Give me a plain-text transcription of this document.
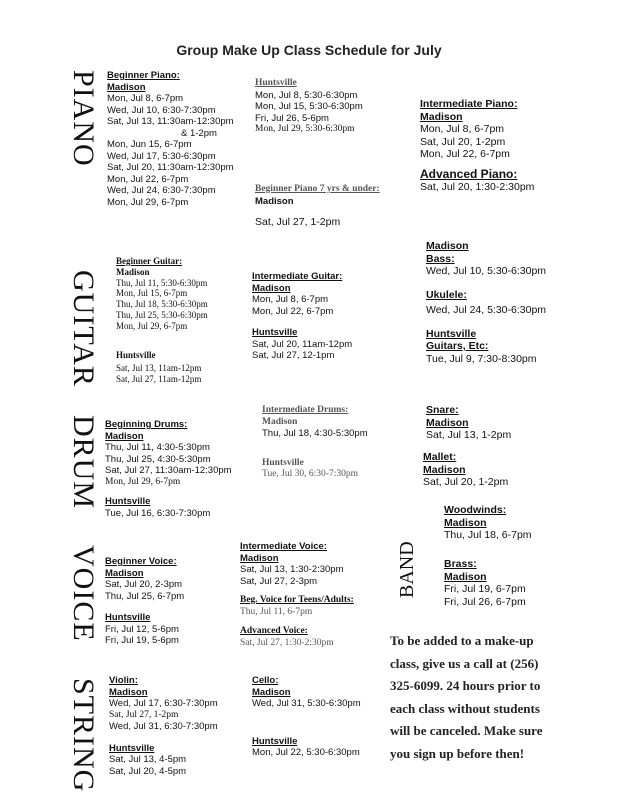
Group Make Up Class Schedule for July
PIANO
GUITAR
DRUM
VOICE
STRING
BAND
Beginner Piano:
Madison
Mon, Jul 8, 6-7pm
Wed, Jul 10, 6:30-7:30pm
Sat, Jul 13, 11:30am-12:30pm
& 1-2pm
Mon, Jun 15, 6-7pm
Wed, Jul 17, 5:30-6:30pm
Sat, Jul 20, 11:30am-12:30pm
Mon, Jul 22, 6-7pm
Wed, Jul 24, 6:30-7:30pm
Mon, Jul 29, 6-7pm
Huntsville
Mon, Jul 8, 5:30-6:30pm
Mon, Jul 15, 5:30-6:30pm
Fri, Jul 26, 5-6pm
Mon, Jul 29, 5:30-6:30pm
Beginner Piano 7 yrs & under:
Madison
Sat, Jul 27, 1-2pm
Intermediate Piano:
Madison
Mon, Jul 8, 6-7pm
Sat, Jul 20, 1-2pm
Mon, Jul 22, 6-7pm
Advanced Piano:
Sat, Jul 20, 1:30-2:30pm
Beginner Guitar:
Madison
Thu, Jul 11, 5:30-6:30pm
Mon, Jul 15, 6-7pm
Thu, Jul 18, 5:30-6:30pm
Thu, Jul 25, 5:30-6:30pm
Mon, Jul 29, 6-7pm
Huntsville
Sat, Jul 13, 11am-12pm
Sat, Jul 27, 11am-12pm
Intermediate Guitar:
Madison
Mon, Jul 8, 6-7pm
Mon, Jul 22, 6-7pm
Huntsville
Sat, Jul 20, 11am-12pm
Sat, Jul 27, 12-1pm
Madison
Bass:
Wed, Jul 10, 5:30-6:30pm
Ukulele:
Wed, Jul 24, 5:30-6:30pm
Huntsville
Guitars, Etc:
Tue, Jul 9, 7:30-8:30pm
Beginning Drums:
Madison
Thu, Jul 11, 4:30-5:30pm
Thu, Jul 25, 4:30-5:30pm
Sat, Jul 27, 11:30am-12:30pm
Mon, Jul 29, 6-7pm
Huntsville
Tue, Jul 16, 6:30-7:30pm
Intermediate Drums:
Madison
Thu, Jul 18, 4:30-5:30pm
Huntsville
Tue, Jul 30, 6:30-7:30pm
Snare:
Madison
Sat, Jul 13, 1-2pm
Mallet:
Madison
Sat, Jul 20, 1-2pm
Woodwinds:
Madison
Thu, Jul 18, 6-7pm
Brass:
Madison
Fri, Jul 19, 6-7pm
Fri, Jul 26, 6-7pm
Beginner Voice:
Madison
Sat, Jul 20, 2-3pm
Thu, Jul 25, 6-7pm
Huntsville
Fri, Jul 12, 5-6pm
Fri, Jul 19, 5-6pm
Intermediate Voice:
Madison
Sat, Jul 13, 1:30-2:30pm
Sat, Jul 27, 2-3pm
Beg. Voice for Teens/Adults:
Thu, Jul 11, 6-7pm
Advanced Voice:
Sat, Jul 27, 1:30-2:30pm
Violin:
Madison
Wed, Jul 17, 6:30-7:30pm
Sat, Jul 27, 1-2pm
Wed, Jul 31, 6:30-7:30pm
Huntsville
Sat, Jul 13, 4-5pm
Sat, Jul 20, 4-5pm
Cello:
Madison
Wed, Jul 31, 5:30-6:30pm
Huntsville
Mon, Jul 22, 5:30-6:30pm
To be added to a make-up
class, give us a call at (256)
325-6099. 24 hours prior to
each class without students
will be canceled. Make sure
you sign up before then!
